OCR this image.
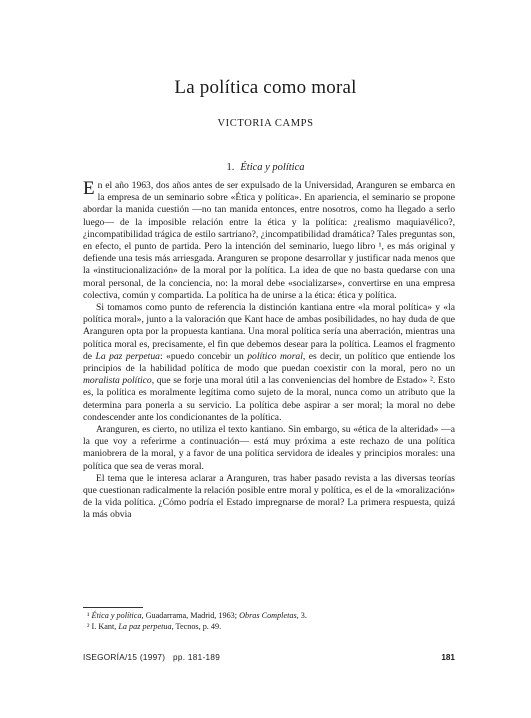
La política como moral
VICTORIA CAMPS
1. Ética y política

En el año 1963, dos años antes de ser expulsado de la Universidad, Aranguren se embarca en la empresa de un seminario sobre «Ética y política». En apariencia, el seminario se propone abordar la manida cuestión —no tan manida entonces, entre nosotros, como ha llegado a serlo luego— de la imposible relación entre la ética y la política: ¿realismo maquiavélico?, ¿incompatibilidad trágica de estilo sartriano?, ¿incompatibilidad dramática? Tales preguntas son, en efecto, el punto de partida. Pero la intención del seminario, luego libro ¹, es más original y defiende una tesis más arriesgada. Aranguren se propone desarrollar y justificar nada menos que la «institucionalización» de la moral por la política. La idea de que no basta quedarse con una moral personal, de la conciencia, no: la moral debe «socializarse», convertirse en una empresa colectiva, común y compartida. La política ha de unirse a la ética: ética y política.

Si tomamos como punto de referencia la distinción kantiana entre «la moral política» y «la política moral», junto a la valoración que Kant hace de ambas posibilidades, no hay duda de que Aranguren opta por la propuesta kantiana. Una moral política sería una aberración, mientras una política moral es, precisamente, el fin que debemos desear para la política. Leamos el fragmento de La paz perpetua: «puedo concebir un político moral, es decir, un político que entiende los principios de la habilidad política de modo que puedan coexistir con la moral, pero no un moralista político, que se forje una moral útil a las conveniencias del hombre de Estado» ². Esto es, la política es moralmente legítima como sujeto de la moral, nunca como un atributo que la determina para ponerla a su servicio. La política debe aspirar a ser moral; la moral no debe condescender ante los condicionantes de la política.

Aranguren, es cierto, no utiliza el texto kantiano. Sin embargo, su «ética de la alteridad» —a la que voy a referirme a continuación— está muy próxima a este rechazo de una política maniobrera de la moral, y a favor de una política servidora de ideales y principios morales: una política que sea de veras moral.

El tema que le interesa aclarar a Aranguren, tras haber pasado revista a las diversas teorías que cuestionan radicalmente la relación posible entre moral y política, es el de la «moralización» de la vida política. ¿Cómo podría el Estado impregnarse de moral? La primera respuesta, quizá la más obvia

¹ Ética y política, Guadarrama, Madrid, 1963; Obras Completas, 3.
² I. Kant, La paz perpetua, Tecnos, p. 49.
ISEGORÍA/15 (1997) pp. 181-189	181
